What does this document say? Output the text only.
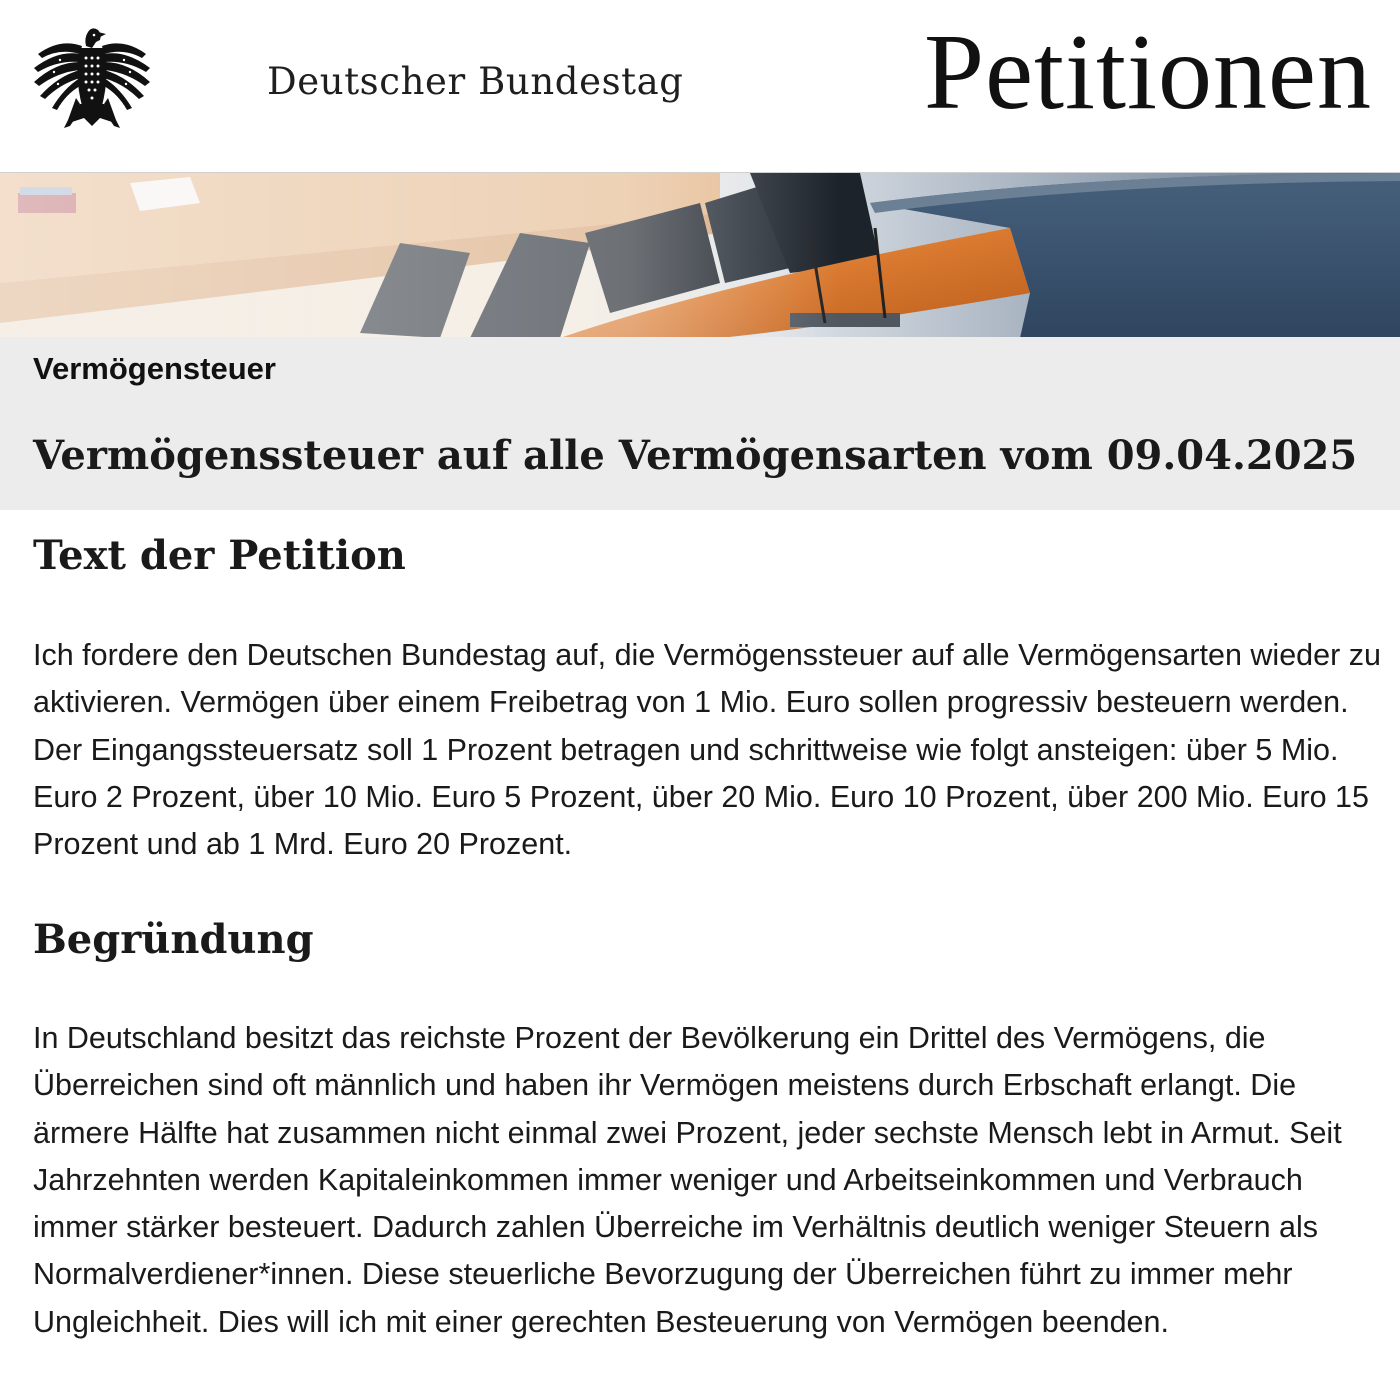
Deutscher Bundestag Petitionen
Vermögensteuer
Vermögenssteuer auf alle Vermögensarten vom 09.04.2025
Text der Petition

Ich fordere den Deutschen Bundestag auf, die Vermögenssteuer auf alle Vermögensarten wieder zu aktivieren. Vermögen über einem Freibetrag von 1 Mio. Euro sollen progressiv besteuern werden. Der Eingangssteuersatz soll 1 Prozent betragen und schrittweise wie folgt ansteigen: über 5 Mio. Euro 2 Prozent, über 10 Mio. Euro 5 Prozent, über 20 Mio. Euro 10 Prozent, über 200 Mio. Euro 15 Prozent und ab 1 Mrd. Euro 20 Prozent.

Begründung

In Deutschland besitzt das reichste Prozent der Bevölkerung ein Drittel des Vermögens, die Überreichen sind oft männlich und haben ihr Vermögen meistens durch Erbschaft erlangt. Die ärmere Hälfte hat zusammen nicht einmal zwei Prozent, jeder sechste Mensch lebt in Armut. Seit Jahrzehnten werden Kapitaleinkommen immer weniger und Arbeitseinkommen und Verbrauch immer stärker besteuert. Dadurch zahlen Überreiche im Verhältnis deutlich weniger Steuern als Normalverdiener*innen. Diese steuerliche Bevorzugung der Überreichen führt zu immer mehr Ungleichheit. Dies will ich mit einer gerechten Besteuerung von Vermögen beenden.
